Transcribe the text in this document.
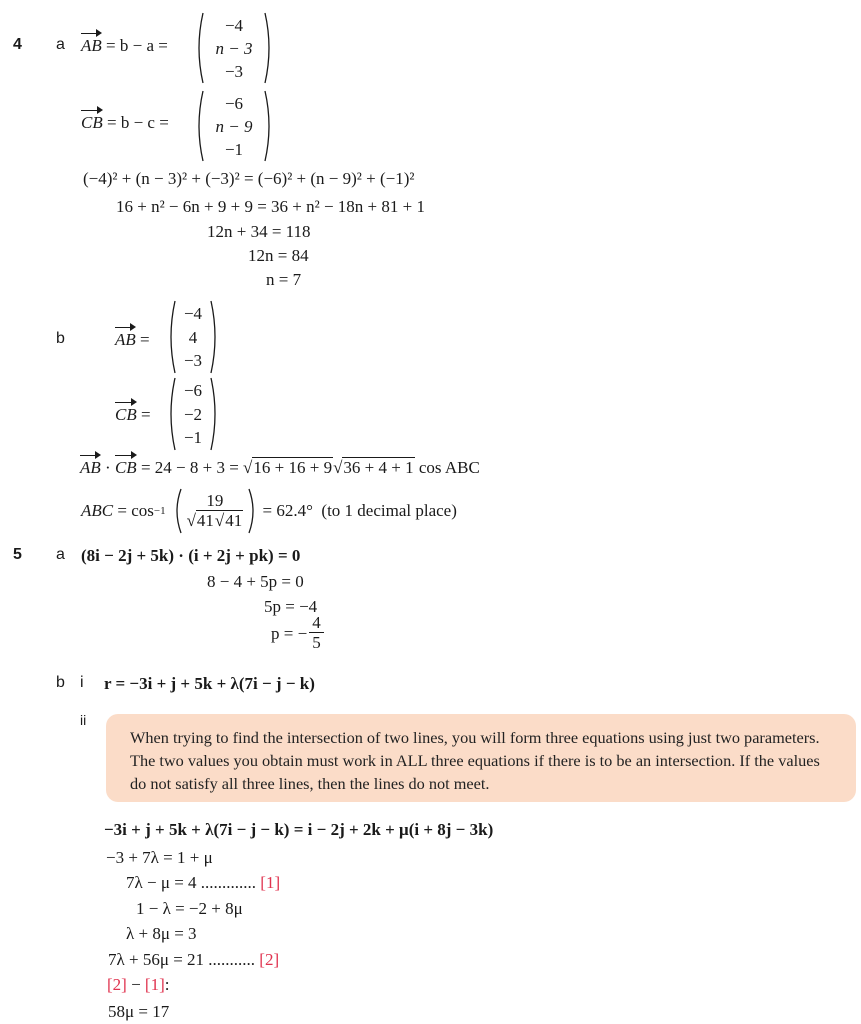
4 a AB = b − a =
−4
n − 3
−3
CB = b − c =
−6
n − 9
−1
(−4)² + (n − 3)² + (−3)² = (−6)² + (n − 9)² + (−1)²
16 + n² − 6n + 9 + 9 = 36 + n² − 18n + 81 + 1
12n + 34 = 118
12n = 84
n = 7
b	AB =
−4
4
−3
CB =
−6
−2
−1
AB · CB = 24 − 8 + 3 = √16 + 16 + 9√36 + 4 + 1 cos ABC
ABC
= $\cos -1 \frac{19}{√41√41}$
= 62.4°
(to 1 decimal place)
5 a (8i − 2j + 5k) · (i + 2j + pk) = 0
8 − 4 + 5p = 0
5p = −4
p = − $\frac{4}{5}$
b i r = −3i + j + 5k + λ(7i − j − k)
ii

When trying to find the intersection of two lines, you will form three equations using just two parameters. The two values you obtain must work in ALL three equations if there is to be an intersection. If the values do not satisfy all three lines, then the lines do not meet.

−3i + j + 5k + λ(7i − j − k) = i − 2j + 2k + μ(i + 8j − 3k)
−3 + 7λ = 1 + μ
7λ − μ = 4 ............. [1]
1 − λ = −2 + 8μ
λ + 8μ = 3
7λ + 56μ = 21 ........... [2]
[2] − [1]:
58μ = 17
